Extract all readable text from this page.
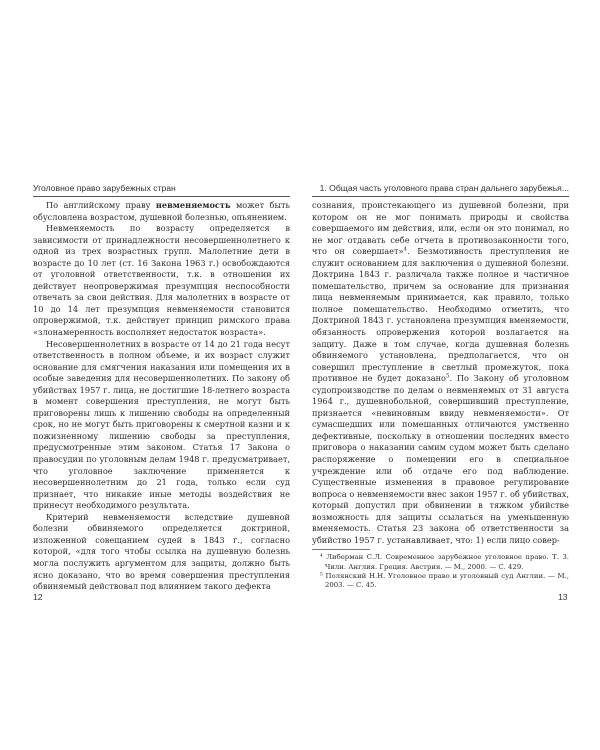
Уголовное право зарубежных стран

По английскому праву невменяемость может быть обусловлена возрастом, душевной болезнью, опьянением.

Невменяемость по возрасту определяется в зависимости от принадлежности несовершеннолетнего к одной из трех возрастных групп. Малолетние дети в возрасте до 10 лет (ст. 16 Закона 1963 г.) освобождаются от уголовной ответственности, т.к. в отношении их действует неопровержимая презумпция неспособности отвечать за свои действия. Для малолетних в возрасте от 10 до 14 лет презумпция невменяемости становится опровержимой, т.к. действует принцип римского права «злонамеренность восполняет недостаток возраста».

Несовершеннолетних в возрасте от 14 до 21 года несут ответственность в полном объеме, и их возраст служит основание для смягчения наказания или помещения их в особые заведения для несовершеннолетних. По закону об убийствах 1957 г. лица, не достигшие 18-летнего возраста в момент совершения преступления, не могут быть приговорены лишь к лишению свободы на определенный срок, но не могут быть приговорены к смертной казни и к пожизненному лишению свободы за преступления, предусмотренные этим законом. Статья 17 Закона о правосудии по уголовным делам 1948 г. предусматривает, что уголовное заключение применяется к несовершеннолетним до 21 года, только если суд признает, что никакие иные методы воздействия не принесут необходимого результата.

Критерий невменяемости вследствие душевной болезни обвиняемого определяется доктриной, изложенной совещанием судей в 1843 г., согласно которой, «для того чтобы ссылка на душевную болезнь могла послужить аргументом для защиты, должно быть ясно доказано, что во время совершения преступления обвиняемый действовал под влиянием такого дефекта

1. Общая часть уголовного права стран дальнего зарубежья...

сознания, проистекающего из душевной болезни, при котором он не мог понимать природы и свойства совершаемого им действия, или, если он это понимал, но не мог отдавать себе отчета в противозаконности того, что он совершает»$^4$. Безмотивность преступления не служит основанием для заключения о душевной болезни. Доктрина 1843 г. различала также полное и частичное помешательство, причем за основание для признания лица невменяемым принимается, как правило, только полное помешательство. Необходимо отметить, что Доктриной 1843 г. установлена презумпция вменяемости, обязанность опровержения которой возлагается на защиту. Даже в том случае, когда душевная болезнь обвиняемого установлена, предполагается, что он совершил преступление в светлый промежуток, пока противное не будет доказано$^5$. По Закону об уголовном судопроизводстве по делам о невменяемых от 31 августа 1964 г., душевнобольной, совершивший преступление, признается «невиновным ввиду невменяемости». От сумасшедших или помешанных отличаются умственно дефективные, поскольку в отношении последних вместо приговора о наказании самим судом может быть сделано распоряжение о помещении его в специальное учреждение или об отдаче его под наблюдение. Существенные изменения в правовое регулирование вопроса о невменяемости внес закон 1957 г. об убийствах, который допустил при обвинении в тяжком убийстве возможность для защиты ссылаться на уменьшенную вменяемость. Статья 23 закона об ответственности за убийство 1957 г. устанавливает, что: 1) если лицо совер-

⁴ Либерман С.Л. Современное зарубежное уголовное право. Т. 3. Чили. Англия. Греция. Австрия. — М., 2000. — С. 429.

⁵ Полянский Н.Н. Уголовное право и уголовный суд Англии. — М., 2003. — С. 45.

12	13
